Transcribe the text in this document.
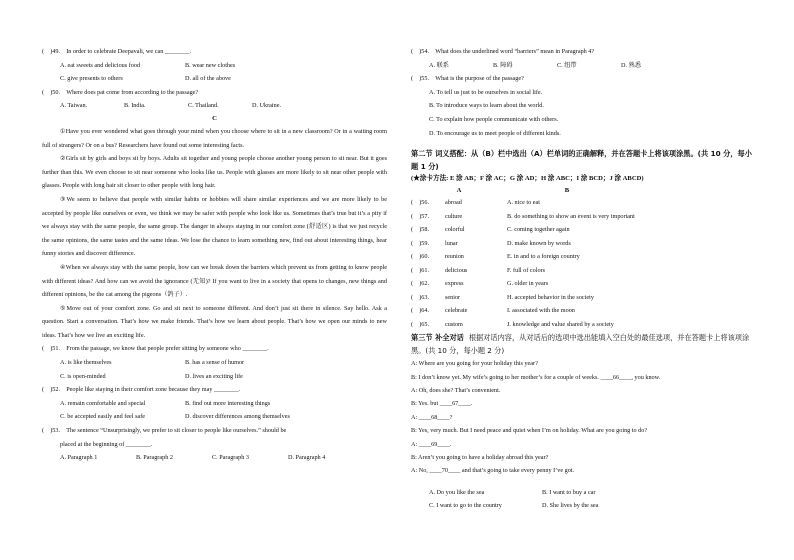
(　)49.　In order to celebrate Deepavali, we can ________.
A. eat sweets and delicious food	B. wear new clothes
C. give presents to others	D. all of the above
(　)50.　Where does pat come from according to the passage?
A. Taiwan.	B. India.	C. Thailand.	D. Ukraine.
C
①Have you ever wondered what goes through your mind when you choose where to sit in a new classroom? Or in a waiting room full of strangers? Or on a bus? Researchers have found out some interesting facts.
②Girls sit by girls and boys sit by boys. Adults sit together and young people choose another young person to sit near. But it goes further than this. We even choose to sit near someone who looks like us. People with glasses are more likely to sit near other people with glasses. People with long hair sit closer to other people with long hair.
③We seem to believe that people with similar habits or hobbies will share similar experiences and we are more likely to be accepted by people like ourselves or even, we think we may be safer with people who look like us. Sometimes that’s true but it’s a pity if we always stay with the same people, the same group. The danger in always staying in our comfort zone (舒适区) is that we just recycle the same opinions, the same tastes and the same ideas. We lose the chance to learn something new, find out about interesting things, hear funny stories and discover difference.
④When we always stay with the same people, how can we break down the barriers which prevent us from getting to know people with different ideas? And how can we avoid the ignorance (无知)? If you want to live in a society that opens to changes, new things and different opinions, be the cat among the pigeons（鸽子）.
⑤Move out of your comfort zone. Go and sit next to someone different. And don’t just sit there in silence. Say hello. Ask a question. Start a conversation. That’s how we make friends. That’s how we learn about people. That’s how we open our minds to new ideas. That’s how we live an exciting life.
(　)51.　From the passage, we know that people prefer sitting by someone who ________.
A. is like themselves	B. has a sense of humor
C. is open-minded	D. lives an exciting life
(　)52.　People like staying in their comfort zone because they may ________.
A. remain comfortable and special	B. find out more interesting things
C. be accepted easily and feel safe	D. discover differences among themselves
(　)53.　The sentence “Unsurprisingly, we prefer to sit closer to people like ourselves.” should be
placed at the beginning of ________.
A. Paragraph 1	B. Paragraph 2	C. Paragraph 3	D. Paragraph 4
(　)54.　What does the underlined word “barriers” mean in Paragraph 4?
A. 联系	B. 障碍	C. 纽带	D. 熟悉
(　)55.　What is the purpose of the passage?
A. To tell us just to be ourselves in social life.
B. To introduce ways to learn about the world.
C. To explain how people communicate with others.
D. To encourage us to meet people of different kinds.
第二节 词义搭配：从（B）栏中选出（A）栏单词的正确解释，并在答题卡上将该项涂黑。(共 10 分，每小题 1 分)
(★涂卡方法: E 涂 AB；F 涂 AC；G 涂 AD；H 涂 ABC；I 涂 BCD；J 涂 ABCD)
A	B
(　)56.	abroad	A. nice to eat
(　)57.	culture	B. do something to show an event is very important
(　)58.	colorful	C. coming together again
(　)59.	lunar	D. make known by words
(　)60.	reunion	E. in and to a foreign country
(　)61.	delicious	F. full of colors
(　)62.	express	G. older in years
(　)63.	senior	H. accepted behavior in the society
(　)64.	celebrate	I. associated with the moon
(　)65.	custom	J. knowledge and value shared by a society
第三节 补全对话 根据对话内容，从对话后的选项中选出能填入空白处的最佳选项，并在答题卡上将该项涂黑。(共 10 分，每小题 2 分)
A: Where are you going for your holiday this year?
B: I don’t know yet. My wife’s going to her mother’s for a couple of weeks. ____66____, you know.
A: Oh, does she? That’s convenient.
B: Yes. but ____67____.
A: ____68____?
B: Yes, very much. But I need peace and quiet when I’m on holiday. What are you going to do?
A: ____69____.
B: Aren’t you going to have a holiday abroad this year?
A: No, ____70____ and that’s going to take every penny I’ve got.
A. Do you like the sea	B. I want to buy a car
C. I want to go to the country	D. She lives by the sea
